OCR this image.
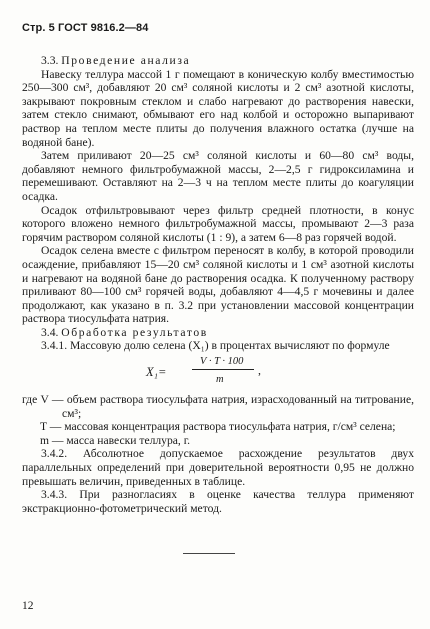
Стр. 5 ГОСТ 9816.2—84

3.3. Проведение анализа

Навеску теллура массой 1 г помещают в коническую колбу вместимостью 250—300 см³, добавляют 20 см³ соляной кислоты и 2 см³ азотной кислоты, закрывают покровным стеклом и слабо нагревают до растворения навески, затем стекло снимают, обмывают его над колбой и осторожно выпаривают раствор на теплом месте плиты до получения влажного остатка (лучше на водяной бане).

Затем приливают 20—25 см³ соляной кислоты и 60—80 см³ воды, добавляют немного фильтробумажной массы, 2—2,5 г гидроксиламина и перемешивают. Оставляют на 2—3 ч на теплом месте плиты до коагуляции осадка.

Осадок отфильтровывают через фильтр средней плотности, в конус которого вложено немного фильтробумажной массы, промывают 2—3 раза горячим раствором соляной кислоты (1 : 9), а затем 6—8 раз горячей водой.

Осадок селена вместе с фильтром переносят в колбу, в которой проводили осаждение, прибавляют 15—20 см³ соляной кислоты и 1 см³ азотной кислоты и нагревают на водяной бане до растворения осадка. К полученному раствору приливают 80—100 см³ горячей воды, добавляют 4—4,5 г мочевины и далее продолжают, как указано в п. 3.2 при установлении массовой концентрации раствора тиосульфата натрия.

3.4. Обработка результатов

3.4.1. Массовую долю селена (X₁) в процентах вычисляют по формуле

X₁=
V · T · 100
m
,

где V — объем раствора тиосульфата натрия, израсходованный на титрование, см³;

T — массовая концентрация раствора тиосульфата натрия, г/см³ селена;

m — масса навески теллура, г.

3.4.2. Абсолютное допускаемое расхождение результатов двух параллельных определений при доверительной вероятности 0,95 не должно превышать величин, приведенных в таблице.

3.4.3. При разногласиях в оценке качества теллура применяют экстракционно-фотометрический метод.

12
